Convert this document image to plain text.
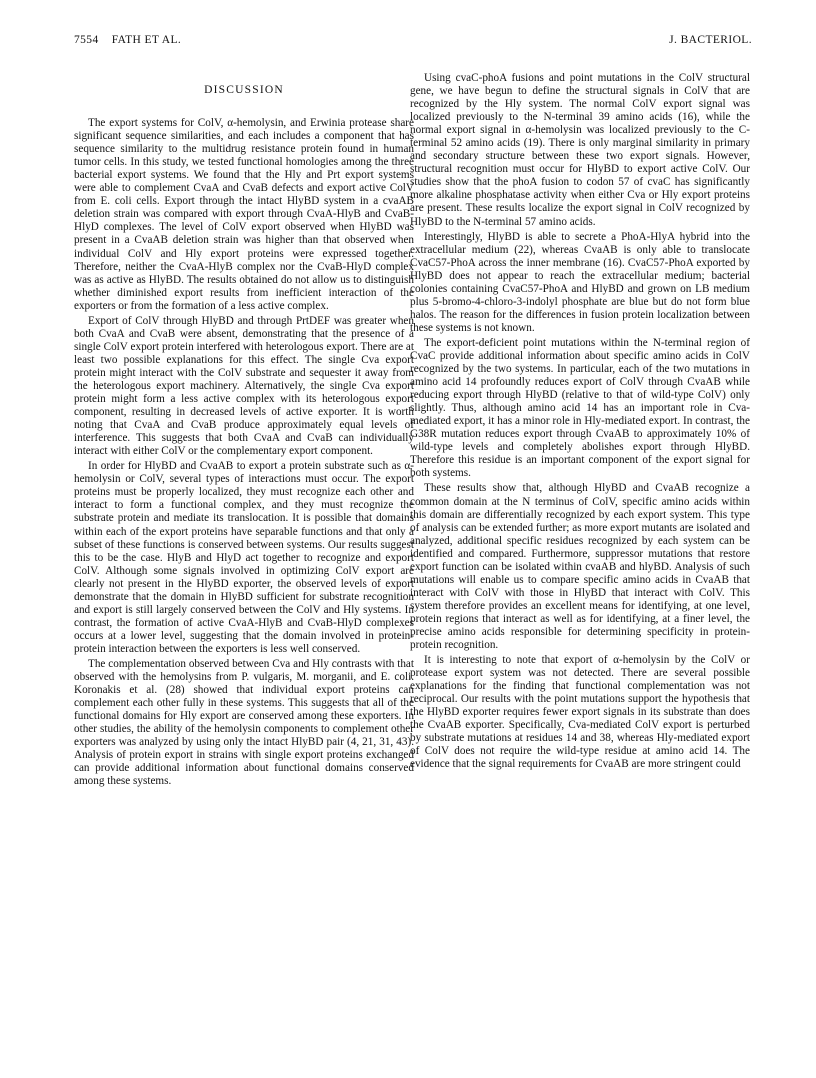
7554 FATH ET AL.	J. BACTERIOL.
DISCUSSION

The export systems for ColV, α-hemolysin, and Erwinia protease share significant sequence similarities, and each includes a component that has sequence similarity to the multidrug resistance protein found in human tumor cells. In this study, we tested functional homologies among the three bacterial export systems. We found that the Hly and Prt export systems were able to complement CvaA and CvaB defects and export active ColV from E. coli cells. Export through the intact HlyBD system in a cvaAB deletion strain was compared with export through CvaA-HlyB and CvaB-HlyD complexes. The level of ColV export observed when HlyBD was present in a CvaAB deletion strain was higher than that observed when individual ColV and Hly export proteins were expressed together. Therefore, neither the CvaA-HlyB complex nor the CvaB-HlyD complex was as active as HlyBD. The results obtained do not allow us to distinguish whether diminished export results from inefficient interaction of the exporters or from the formation of a less active complex.

Export of ColV through HlyBD and through PrtDEF was greater when both CvaA and CvaB were absent, demonstrating that the presence of a single ColV export protein interfered with heterologous export. There are at least two possible explanations for this effect. The single Cva export protein might interact with the ColV substrate and sequester it away from the heterologous export machinery. Alternatively, the single Cva export protein might form a less active complex with its heterologous export component, resulting in decreased levels of active exporter. It is worth noting that CvaA and CvaB produce approximately equal levels of interference. This suggests that both CvaA and CvaB can individually interact with either ColV or the complementary export component.

In order for HlyBD and CvaAB to export a protein substrate such as α-hemolysin or ColV, several types of interactions must occur. The export proteins must be properly localized, they must recognize each other and interact to form a functional complex, and they must recognize the substrate protein and mediate its translocation. It is possible that domains within each of the export proteins have separable functions and that only a subset of these functions is conserved between systems. Our results suggest this to be the case. HlyB and HlyD act together to recognize and export ColV. Although some signals involved in optimizing ColV export are clearly not present in the HlyBD exporter, the observed levels of export demonstrate that the domain in HlyBD sufficient for substrate recognition and export is still largely conserved between the ColV and Hly systems. In contrast, the formation of active CvaA-HlyB and CvaB-HlyD complexes occurs at a lower level, suggesting that the domain involved in protein-protein interaction between the exporters is less well conserved.

The complementation observed between Cva and Hly contrasts with that observed with the hemolysins from P. vulgaris, M. morganii, and E. coli. Koronakis et al. (28) showed that individual export proteins can complement each other fully in these systems. This suggests that all of the functional domains for Hly export are conserved among these exporters. In other studies, the ability of the hemolysin components to complement other exporters was analyzed by using only the intact HlyBD pair (4, 21, 31, 43). Analysis of protein export in strains with single export proteins exchanged can provide additional information about functional domains conserved among these systems.

Using cvaC-phoA fusions and point mutations in the ColV structural gene, we have begun to define the structural signals in ColV that are recognized by the Hly system. The normal ColV export signal was localized previously to the N-terminal 39 amino acids (16), while the normal export signal in α-hemolysin was localized previously to the C-terminal 52 amino acids (19). There is only marginal similarity in primary and secondary structure between these two export signals. However, structural recognition must occur for HlyBD to export active ColV. Our studies show that the phoA fusion to codon 57 of cvaC has significantly more alkaline phosphatase activity when either Cva or Hly export proteins are present. These results localize the export signal in ColV recognized by HlyBD to the N-terminal 57 amino acids.

Interestingly, HlyBD is able to secrete a PhoA-HlyA hybrid into the extracellular medium (22), whereas CvaAB is only able to translocate CvaC57-PhoA across the inner membrane (16). CvaC57-PhoA exported by HlyBD does not appear to reach the extracellular medium; bacterial colonies containing CvaC57-PhoA and HlyBD and grown on LB medium plus 5-bromo-4-chloro-3-indolyl phosphate are blue but do not form blue halos. The reason for the differences in fusion protein localization between these systems is not known.

The export-deficient point mutations within the N-terminal region of CvaC provide additional information about specific amino acids in ColV recognized by the two systems. In particular, each of the two mutations in amino acid 14 profoundly reduces export of ColV through CvaAB while reducing export through HlyBD (relative to that of wild-type ColV) only slightly. Thus, although amino acid 14 has an important role in Cva-mediated export, it has a minor role in Hly-mediated export. In contrast, the G38R mutation reduces export through CvaAB to approximately 10% of wild-type levels and completely abolishes export through HlyBD. Therefore this residue is an important component of the export signal for both systems.

These results show that, although HlyBD and CvaAB recognize a common domain at the N terminus of ColV, specific amino acids within this domain are differentially recognized by each export system. This type of analysis can be extended further; as more export mutants are isolated and analyzed, additional specific residues recognized by each system can be identified and compared. Furthermore, suppressor mutations that restore export function can be isolated within cvaAB and hlyBD. Analysis of such mutations will enable us to compare specific amino acids in CvaAB that interact with ColV with those in HlyBD that interact with ColV. This system therefore provides an excellent means for identifying, at one level, protein regions that interact as well as for identifying, at a finer level, the precise amino acids responsible for determining specificity in protein-protein recognition.

It is interesting to note that export of α-hemolysin by the ColV or protease export system was not detected. There are several possible explanations for the finding that functional complementation was not reciprocal. Our results with the point mutations support the hypothesis that the HlyBD exporter requires fewer export signals in its substrate than does the CvaAB exporter. Specifically, Cva-mediated ColV export is perturbed by substrate mutations at residues 14 and 38, whereas Hly-mediated export of ColV does not require the wild-type residue at amino acid 14. The evidence that the signal requirements for CvaAB are more stringent could
